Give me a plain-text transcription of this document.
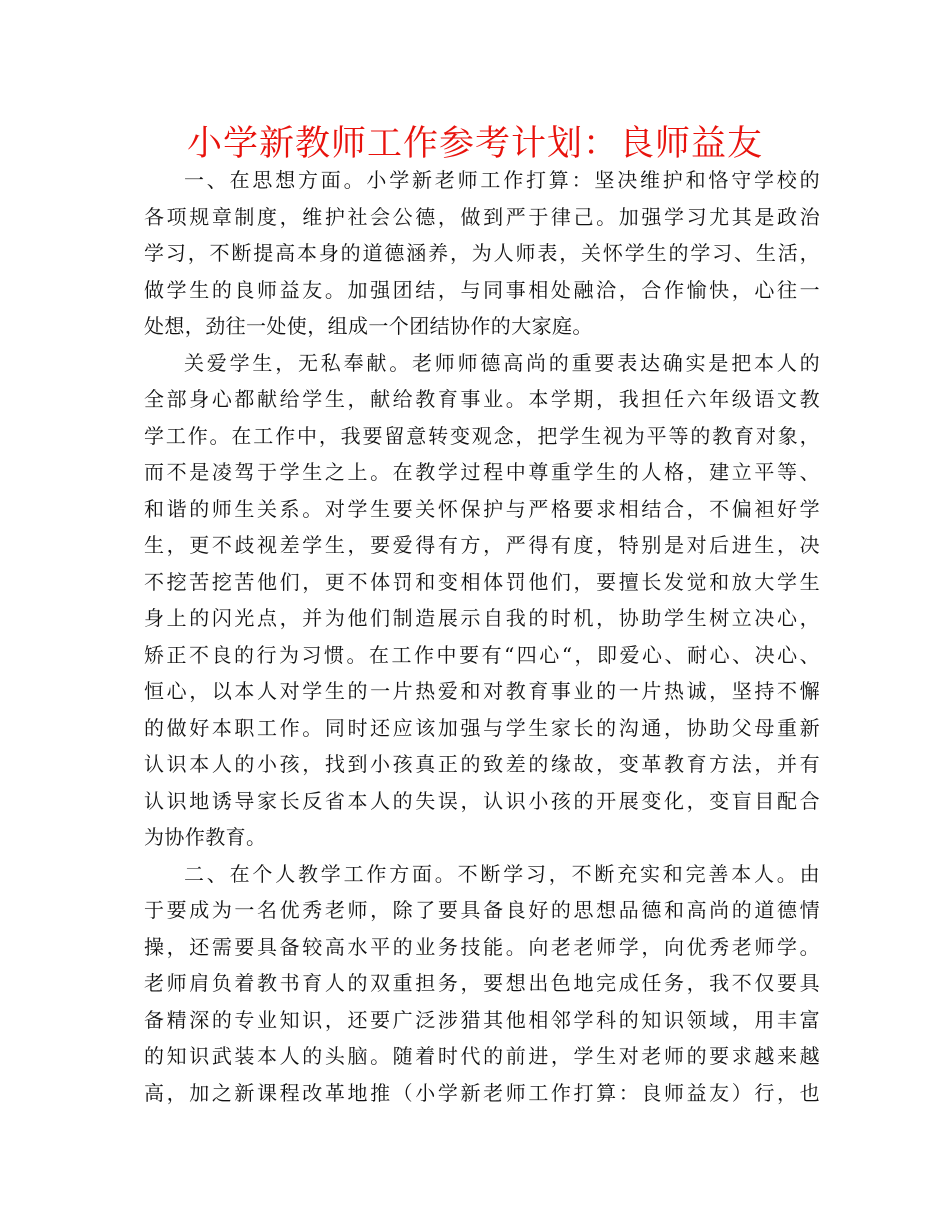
小学新教师工作参考计划：良师益友
一、在思想方面。小学新老师工作打算：坚决维护和恪守学校的
各项规章制度，维护社会公德，做到严于律己。加强学习尤其是政治
学习，不断提高本身的道德涵养，为人师表，关怀学生的学习、生活，
做学生的良师益友。加强团结，与同事相处融洽，合作愉快，心往一
处想，劲往一处使，组成一个团结协作的大家庭。
关爱学生，无私奉献。老师师德高尚的重要表达确实是把本人的
全部身心都献给学生，献给教育事业。本学期，我担任六年级语文教
学工作。在工作中，我要留意转变观念，把学生视为平等的教育对象，
而不是凌驾于学生之上。在教学过程中尊重学生的人格，建立平等、
和谐的师生关系。对学生要关怀保护与严格要求相结合，不偏袒好学
生，更不歧视差学生，要爱得有方，严得有度，特别是对后进生，决
不挖苦挖苦他们，更不体罚和变相体罚他们，要擅长发觉和放大学生
身上的闪光点，并为他们制造展示自我的时机，协助学生树立决心，
矫正不良的行为习惯。在工作中要有“四心“，即爱心、耐心、决心、
恒心，以本人对学生的一片热爱和对教育事业的一片热诚，坚持不懈
的做好本职工作。同时还应该加强与学生家长的沟通，协助父母重新
认识本人的小孩，找到小孩真正的致差的缘故，变革教育方法，并有
认识地诱导家长反省本人的失误，认识小孩的开展变化，变盲目配合
为协作教育。
二、在个人教学工作方面。不断学习，不断充实和完善本人。由
于要成为一名优秀老师，除了要具备良好的思想品德和高尚的道德情
操，还需要具备较高水平的业务技能。向老老师学，向优秀老师学。
老师肩负着教书育人的双重担务，要想出色地完成任务，我不仅要具
备精深的专业知识，还要广泛涉猎其他相邻学科的知识领域，用丰富
的知识武装本人的头脑。随着时代的前进，学生对老师的要求越来越
高，加之新课程改革地推（小学新老师工作打算：良师益友）行，也
